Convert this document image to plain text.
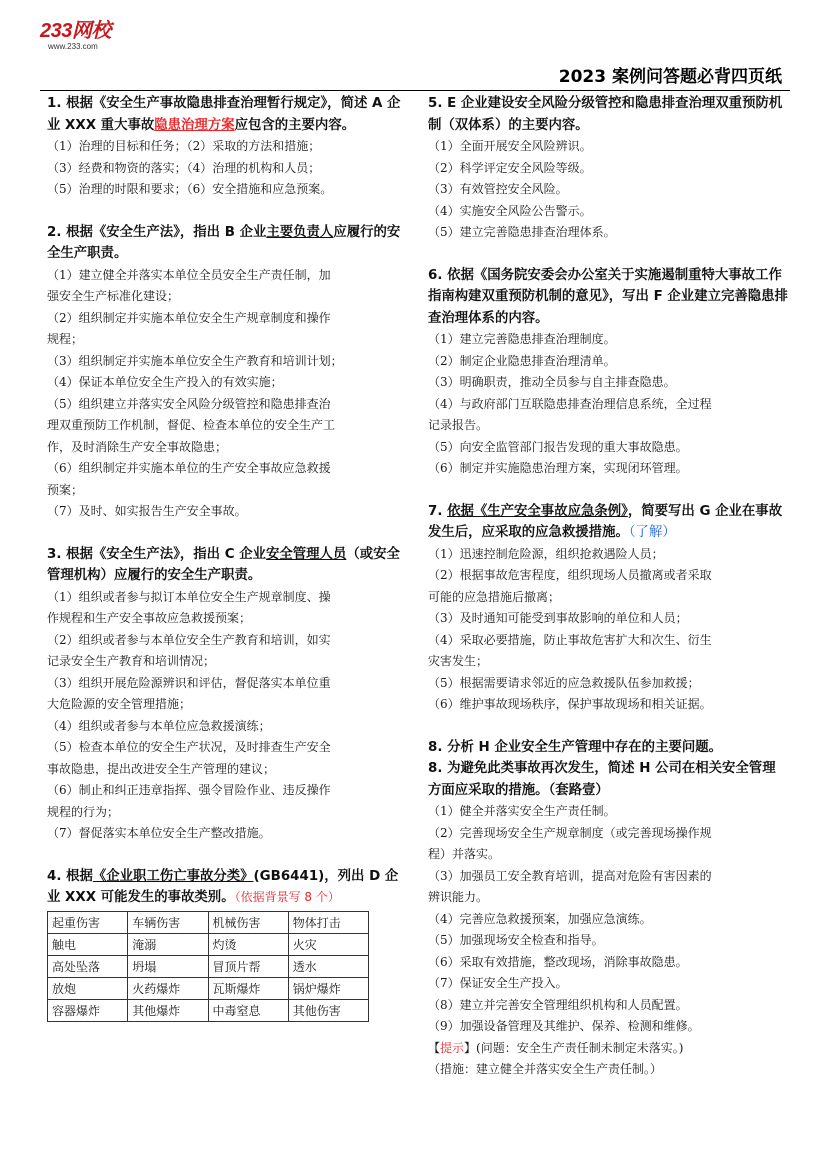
233网校
www.233.com
2023 案例问答题必背四页纸

1. 根据《安全生产事故隐患排查治理暂行规定》，简述 A 企业 XXX 重大事故隐患治理方案应包含的主要内容。

（1）治理的目标和任务；（2）采取的方法和措施；

（3）经费和物资的落实；（4）治理的机构和人员；

（5）治理的时限和要求；（6）安全措施和应急预案。

2. 根据《安全生产法》，指出 B 企业主要负责人应履行的安全生产职责。

（1）建立健全并落实本单位全员安全生产责任制，加

强安全生产标准化建设；

（2）组织制定并实施本单位安全生产规章制度和操作

规程；

（3）组织制定并实施本单位安全生产教育和培训计划；

（4）保证本单位安全生产投入的有效实施；

（5）组织建立并落实安全风险分级管控和隐患排查治

理双重预防工作机制，督促、检查本单位的安全生产工

作，及时消除生产安全事故隐患；

（6）组织制定并实施本单位的生产安全事故应急救援

预案；

（7）及时、如实报告生产安全事故。

3. 根据《安全生产法》，指出 C 企业安全管理人员（或安全管理机构）应履行的安全生产职责。

（1）组织或者参与拟订本单位安全生产规章制度、操

作规程和生产安全事故应急救援预案；

（2）组织或者参与本单位安全生产教育和培训，如实

记录安全生产教育和培训情况；

（3）组织开展危险源辨识和评估，督促落实本单位重

大危险源的安全管理措施；

（4）组织或者参与本单位应急救援演练；

（5）检查本单位的安全生产状况，及时排查生产安全

事故隐患，提出改进安全生产管理的建议；

（6）制止和纠正违章指挥、强令冒险作业、违反操作

规程的行为；

（7）督促落实本单位安全生产整改措施。

4. 根据《企业职工伤亡事故分类》(GB6441)，列出 D 企业 XXX 可能发生的事故类别。（依据背景写 8 个）

起重伤害	车辆伤害	机械伤害	物体打击
触电	淹溺	灼烫	火灾
高处坠落	坍塌	冒顶片帮	透水
放炮	火药爆炸	瓦斯爆炸	锅炉爆炸
容器爆炸	其他爆炸	中毒窒息	其他伤害

5. E 企业建设安全风险分级管控和隐患排查治理双重预防机制（双体系）的主要内容。

（1）全面开展安全风险辨识。

（2）科学评定安全风险等级。

（3）有效管控安全风险。

（4）实施安全风险公告警示。

（5）建立完善隐患排查治理体系。

6. 依据《国务院安委会办公室关于实施遏制重特大事故工作指南构建双重预防机制的意见》，写出 F 企业建立完善隐患排查治理体系的内容。

（1）建立完善隐患排查治理制度。

（2）制定企业隐患排查治理清单。

（3）明确职责，推动全员参与自主排查隐患。

（4）与政府部门互联隐患排查治理信息系统，全过程

记录报告。

（5）向安全监管部门报告发现的重大事故隐患。

（6）制定并实施隐患治理方案，实现闭环管理。

7. 依据《生产安全事故应急条例》，简要写出 G 企业在事故发生后，应采取的应急救援措施。（了解）

（1）迅速控制危险源，组织抢救遇险人员；

（2）根据事故危害程度，组织现场人员撤离或者采取

可能的应急措施后撤离；

（3）及时通知可能受到事故影响的单位和人员；

（4）采取必要措施，防止事故危害扩大和次生、衍生

灾害发生；

（5）根据需要请求邻近的应急救援队伍参加救援；

（6）维护事故现场秩序，保护事故现场和相关证据。

8. 分析 H 企业安全生产管理中存在的主要问题。

8. 为避免此类事故再次发生，简述 H 公司在相关安全管理方面应采取的措施。（套路壹）

（1）健全并落实安全生产责任制。

（2）完善现场安全生产规章制度（或完善现场操作规

程）并落实。

（3）加强员工安全教育培训，提高对危险有害因素的

辨识能力。

（4）完善应急救援预案，加强应急演练。

（5）加强现场安全检查和指导。

（6）采取有效措施，整改现场，消除事故隐患。

（7）保证安全生产投入。

（8）建立并完善安全管理组织机构和人员配置。

（9）加强设备管理及其维护、保养、检测和维修。

【提示】(问题：安全生产责任制未制定未落实。)

（措施：建立健全并落实安全生产责任制。）
